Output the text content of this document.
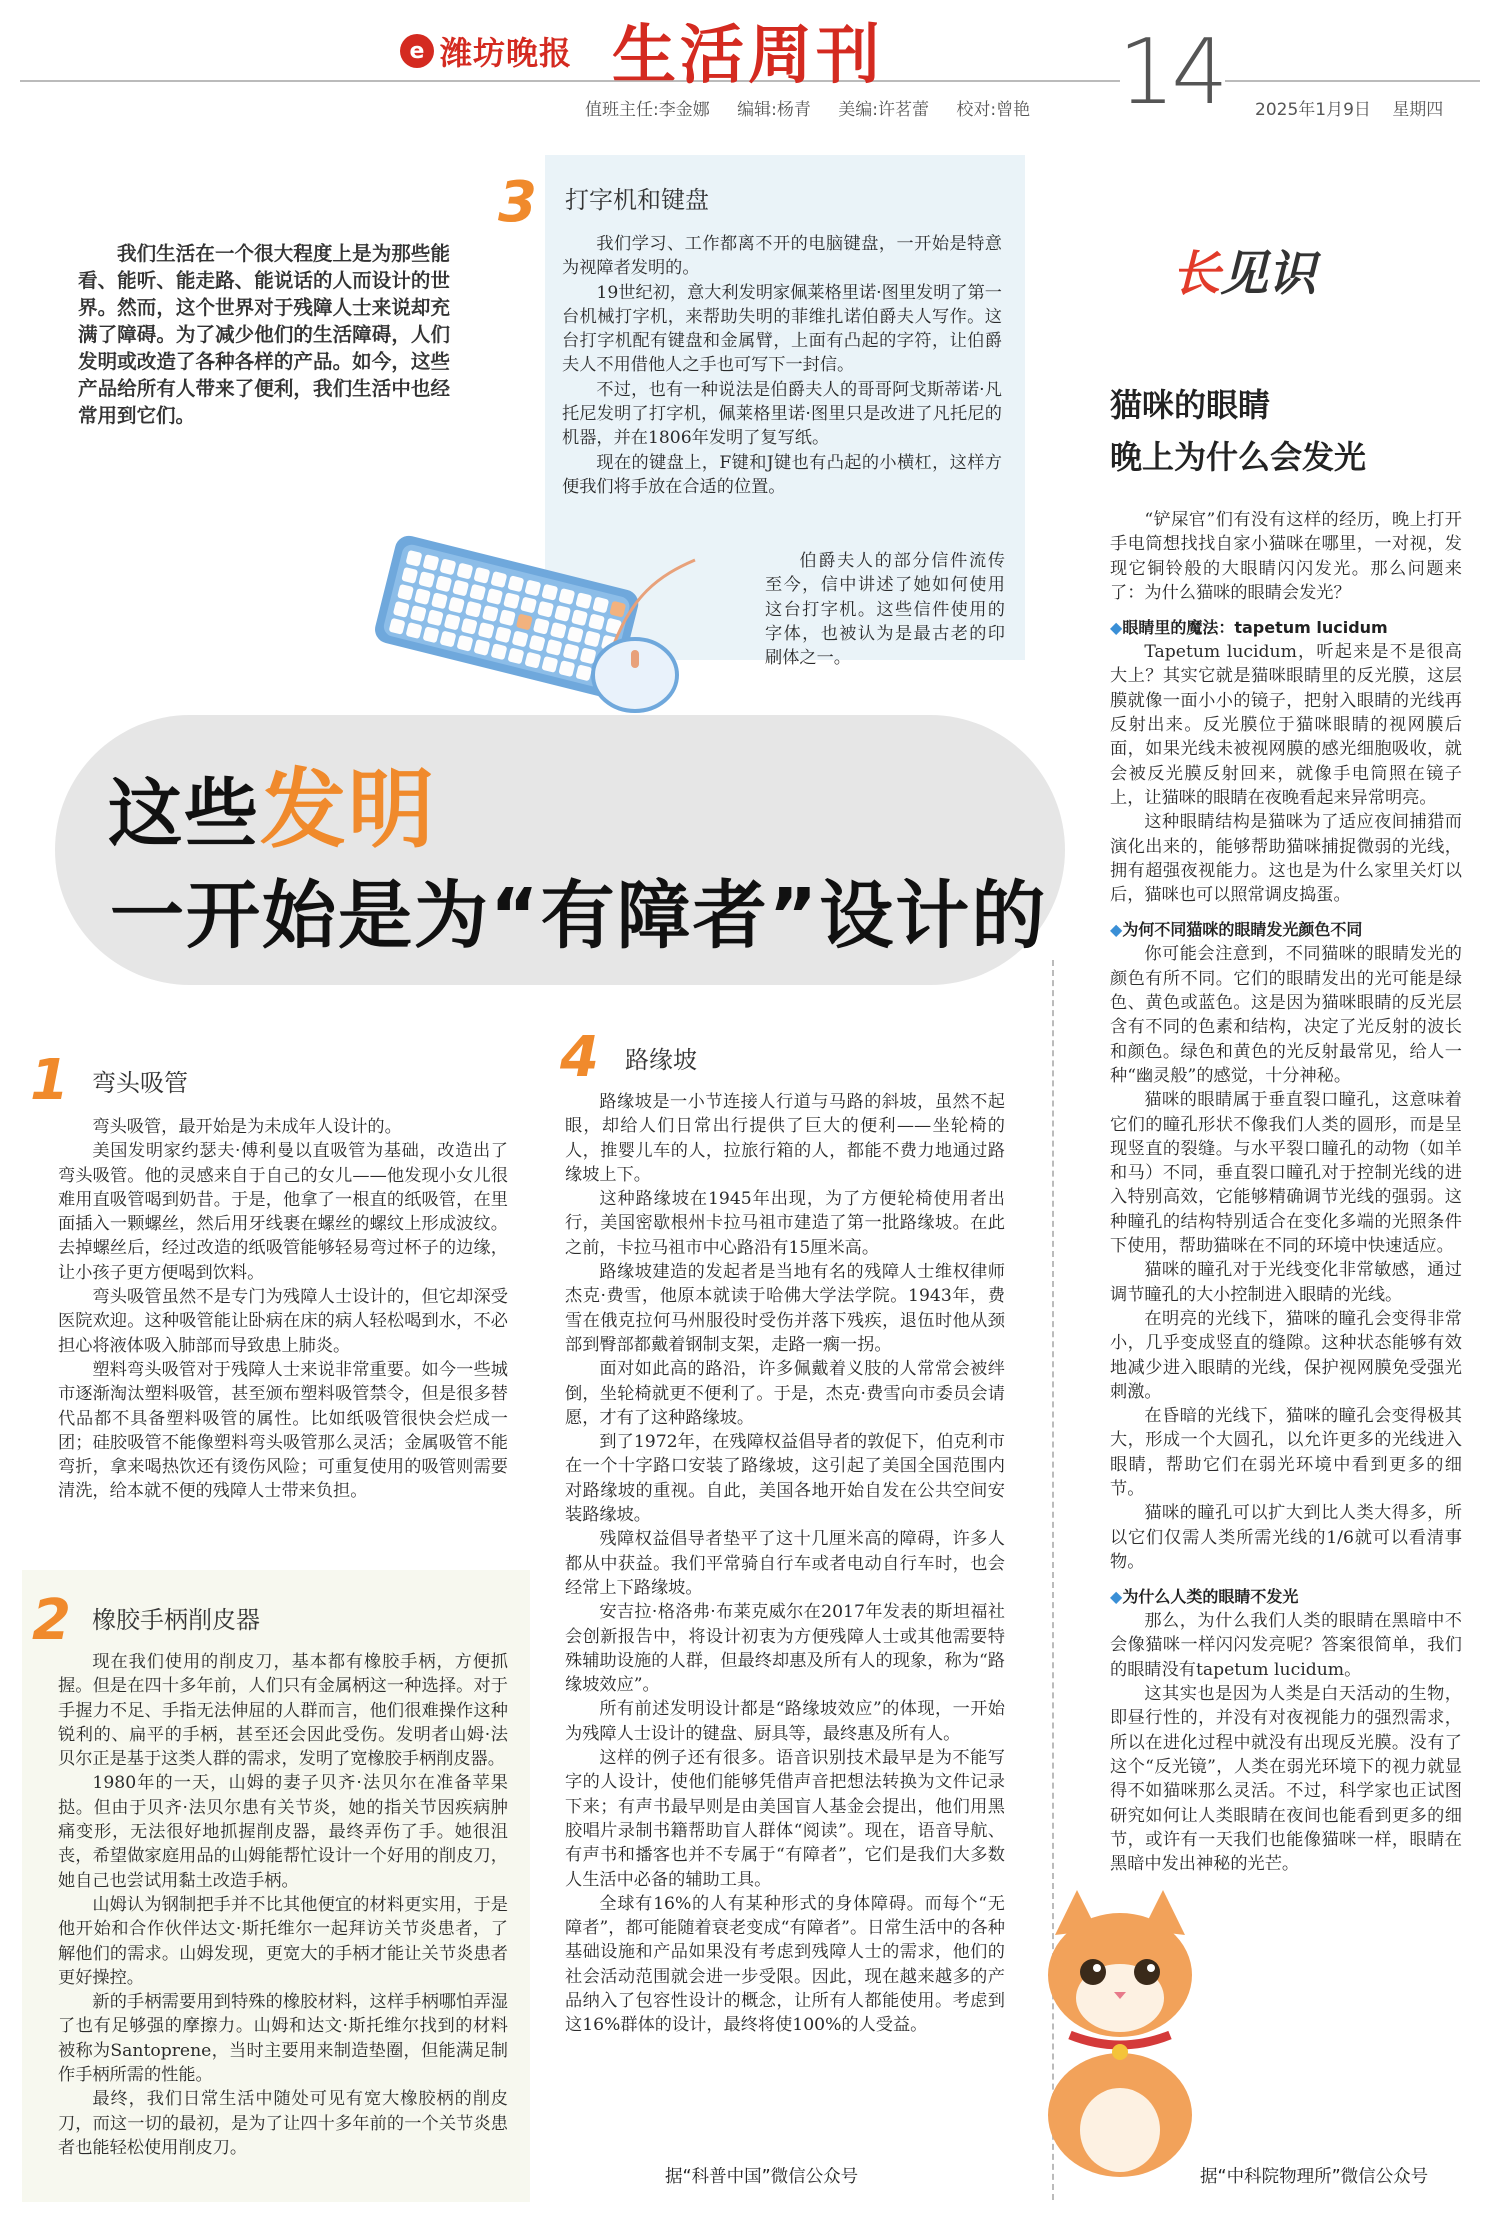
e 潍坊晚报 生活周刊	14
值班主任:李金娜 编辑:杨青 美编:许茗蕾 校对:曾艳	2025年1月9日 星期四
我们生活在一个很大程度上是为那些能看、能听、能走路、能说话的人而设计的世界。然而，这个世界对于残障人士来说却充满了障碍。为了减少他们的生活障碍，人们发明或改造了各种各样的产品。如今，这些产品给所有人带来了便利，我们生活中也经常用到它们。
3 打字机和键盘

我们学习、工作都离不开的电脑键盘，一开始是特意为视障者发明的。

19世纪初，意大利发明家佩莱格里诺·图里发明了第一台机械打字机，来帮助失明的菲维扎诺伯爵夫人写作。这台打字机配有键盘和金属臂，上面有凸起的字符，让伯爵夫人不用借他人之手也可写下一封信。

不过，也有一种说法是伯爵夫人的哥哥阿戈斯蒂诺·凡托尼发明了打字机，佩莱格里诺·图里只是改进了凡托尼的机器，并在1806年发明了复写纸。

现在的键盘上，F键和J键也有凸起的小横杠，这样方便我们将手放在合适的位置。

伯爵夫人的部分信件流传至今，信中讲述了她如何使用这台打字机。这些信件使用的字体，也被认为是最古老的印刷体之一。

这些发明
一开始是为“有障者”设计的
1 弯头吸管

弯头吸管，最开始是为未成年人设计的。

美国发明家约瑟夫·傅利曼以直吸管为基础，改造出了弯头吸管。他的灵感来自于自己的女儿——他发现小女儿很难用直吸管喝到奶昔。于是，他拿了一根直的纸吸管，在里面插入一颗螺丝，然后用牙线裹在螺丝的螺纹上形成波纹。去掉螺丝后，经过改造的纸吸管能够轻易弯过杯子的边缘，让小孩子更方便喝到饮料。

弯头吸管虽然不是专门为残障人士设计的，但它却深受医院欢迎。这种吸管能让卧病在床的病人轻松喝到水，不必担心将液体吸入肺部而导致患上肺炎。

塑料弯头吸管对于残障人士来说非常重要。如今一些城市逐渐淘汰塑料吸管，甚至颁布塑料吸管禁令，但是很多替代品都不具备塑料吸管的属性。比如纸吸管很快会烂成一团；硅胶吸管不能像塑料弯头吸管那么灵活；金属吸管不能弯折，拿来喝热饮还有烫伤风险；可重复使用的吸管则需要清洗，给本就不便的残障人士带来负担。

2 橡胶手柄削皮器

现在我们使用的削皮刀，基本都有橡胶手柄，方便抓握。但是在四十多年前，人们只有金属柄这一种选择。对于手握力不足、手指无法伸屈的人群而言，他们很难操作这种锐利的、扁平的手柄，甚至还会因此受伤。发明者山姆·法贝尔正是基于这类人群的需求，发明了宽橡胶手柄削皮器。

1980年的一天，山姆的妻子贝齐·法贝尔在准备苹果挞。但由于贝齐·法贝尔患有关节炎，她的指关节因疾病肿痛变形，无法很好地抓握削皮器，最终弄伤了手。她很沮丧，希望做家庭用品的山姆能帮忙设计一个好用的削皮刀，她自己也尝试用黏土改造手柄。

山姆认为钢制把手并不比其他便宜的材料更实用，于是他开始和合作伙伴达文·斯托维尔一起拜访关节炎患者，了解他们的需求。山姆发现，更宽大的手柄才能让关节炎患者更好操控。

新的手柄需要用到特殊的橡胶材料，这样手柄哪怕弄湿了也有足够强的摩擦力。山姆和达文·斯托维尔找到的材料被称为Santoprene，当时主要用来制造垫圈，但能满足制作手柄所需的性能。

最终，我们日常生活中随处可见有宽大橡胶柄的削皮刀，而这一切的最初，是为了让四十多年前的一个关节炎患者也能轻松使用削皮刀。

4 路缘坡

路缘坡是一小节连接人行道与马路的斜坡，虽然不起眼，却给人们日常出行提供了巨大的便利——坐轮椅的人，推婴儿车的人，拉旅行箱的人，都能不费力地通过路缘坡上下。

这种路缘坡在1945年出现，为了方便轮椅使用者出行，美国密歇根州卡拉马祖市建造了第一批路缘坡。在此之前，卡拉马祖市中心路沿有15厘米高。

路缘坡建造的发起者是当地有名的残障人士维权律师杰克·费雪，他原本就读于哈佛大学法学院。1943年，费雪在俄克拉何马州服役时受伤并落下残疾，退伍时他从颈部到臀部都戴着钢制支架，走路一瘸一拐。

面对如此高的路沿，许多佩戴着义肢的人常常会被绊倒，坐轮椅就更不便利了。于是，杰克·费雪向市委员会请愿，才有了这种路缘坡。

到了1972年，在残障权益倡导者的敦促下，伯克利市在一个十字路口安装了路缘坡，这引起了美国全国范围内对路缘坡的重视。自此，美国各地开始自发在公共空间安装路缘坡。

残障权益倡导者垫平了这十几厘米高的障碍，许多人都从中获益。我们平常骑自行车或者电动自行车时，也会经常上下路缘坡。

安吉拉·格洛弗·布莱克威尔在2017年发表的斯坦福社会创新报告中，将设计初衷为方便残障人士或其他需要特殊辅助设施的人群，但最终却惠及所有人的现象，称为“路缘坡效应”。

所有前述发明设计都是“路缘坡效应”的体现，一开始为残障人士设计的键盘、厨具等，最终惠及所有人。

这样的例子还有很多。语音识别技术最早是为不能写字的人设计，使他们能够凭借声音把想法转换为文件记录下来；有声书最早则是由美国盲人基金会提出，他们用黑胶唱片录制书籍帮助盲人群体“阅读”。现在，语音导航、有声书和播客也并不专属于“有障者”，它们是我们大多数人生活中必备的辅助工具。

全球有16%的人有某种形式的身体障碍。而每个“无障者”，都可能随着衰老变成“有障者”。日常生活中的各种基础设施和产品如果没有考虑到残障人士的需求，他们的社会活动范围就会进一步受限。因此，现在越来越多的产品纳入了包容性设计的概念，让所有人都能使用。考虑到这16%群体的设计，最终将使100%的人受益。

据“科普中国”微信公众号
长见识
猫咪的眼睛
晚上为什么会发光

“铲屎官”们有没有这样的经历，晚上打开手电筒想找找自家小猫咪在哪里，一对视，发现它铜铃般的大眼睛闪闪发光。那么问题来了：为什么猫咪的眼睛会发光？

◆眼睛里的魔法：tapetum lucidum

Tapetum lucidum，听起来是不是很高大上？其实它就是猫咪眼睛里的反光膜，这层膜就像一面小小的镜子，把射入眼睛的光线再反射出来。反光膜位于猫咪眼睛的视网膜后面，如果光线未被视网膜的感光细胞吸收，就会被反光膜反射回来，就像手电筒照在镜子上，让猫咪的眼睛在夜晚看起来异常明亮。

这种眼睛结构是猫咪为了适应夜间捕猎而演化出来的，能够帮助猫咪捕捉微弱的光线，拥有超强夜视能力。这也是为什么家里关灯以后，猫咪也可以照常调皮捣蛋。

◆为何不同猫咪的眼睛发光颜色不同

你可能会注意到，不同猫咪的眼睛发光的颜色有所不同。它们的眼睛发出的光可能是绿色、黄色或蓝色。这是因为猫咪眼睛的反光层含有不同的色素和结构，决定了光反射的波长和颜色。绿色和黄色的光反射最常见，给人一种“幽灵般”的感觉，十分神秘。

猫咪的眼睛属于垂直裂口瞳孔，这意味着它们的瞳孔形状不像我们人类的圆形，而是呈现竖直的裂缝。与水平裂口瞳孔的动物（如羊和马）不同，垂直裂口瞳孔对于控制光线的进入特别高效，它能够精确调节光线的强弱。这种瞳孔的结构特别适合在变化多端的光照条件下使用，帮助猫咪在不同的环境中快速适应。

猫咪的瞳孔对于光线变化非常敏感，通过调节瞳孔的大小控制进入眼睛的光线。

在明亮的光线下，猫咪的瞳孔会变得非常小，几乎变成竖直的缝隙。这种状态能够有效地减少进入眼睛的光线，保护视网膜免受强光刺激。

在昏暗的光线下，猫咪的瞳孔会变得极其大，形成一个大圆孔，以允许更多的光线进入眼睛，帮助它们在弱光环境中看到更多的细节。

猫咪的瞳孔可以扩大到比人类大得多，所以它们仅需人类所需光线的1/6就可以看清事物。

◆为什么人类的眼睛不发光

那么，为什么我们人类的眼睛在黑暗中不会像猫咪一样闪闪发亮呢？答案很简单，我们的眼睛没有tapetum lucidum。

这其实也是因为人类是白天活动的生物，即昼行性的，并没有对夜视能力的强烈需求，所以在进化过程中就没有出现反光膜。没有了这个“反光镜”，人类在弱光环境下的视力就显得不如猫咪那么灵活。不过，科学家也正试图研究如何让人类眼睛在夜间也能看到更多的细节，或许有一天我们也能像猫咪一样，眼睛在黑暗中发出神秘的光芒。

据“中科院物理所”微信公众号
